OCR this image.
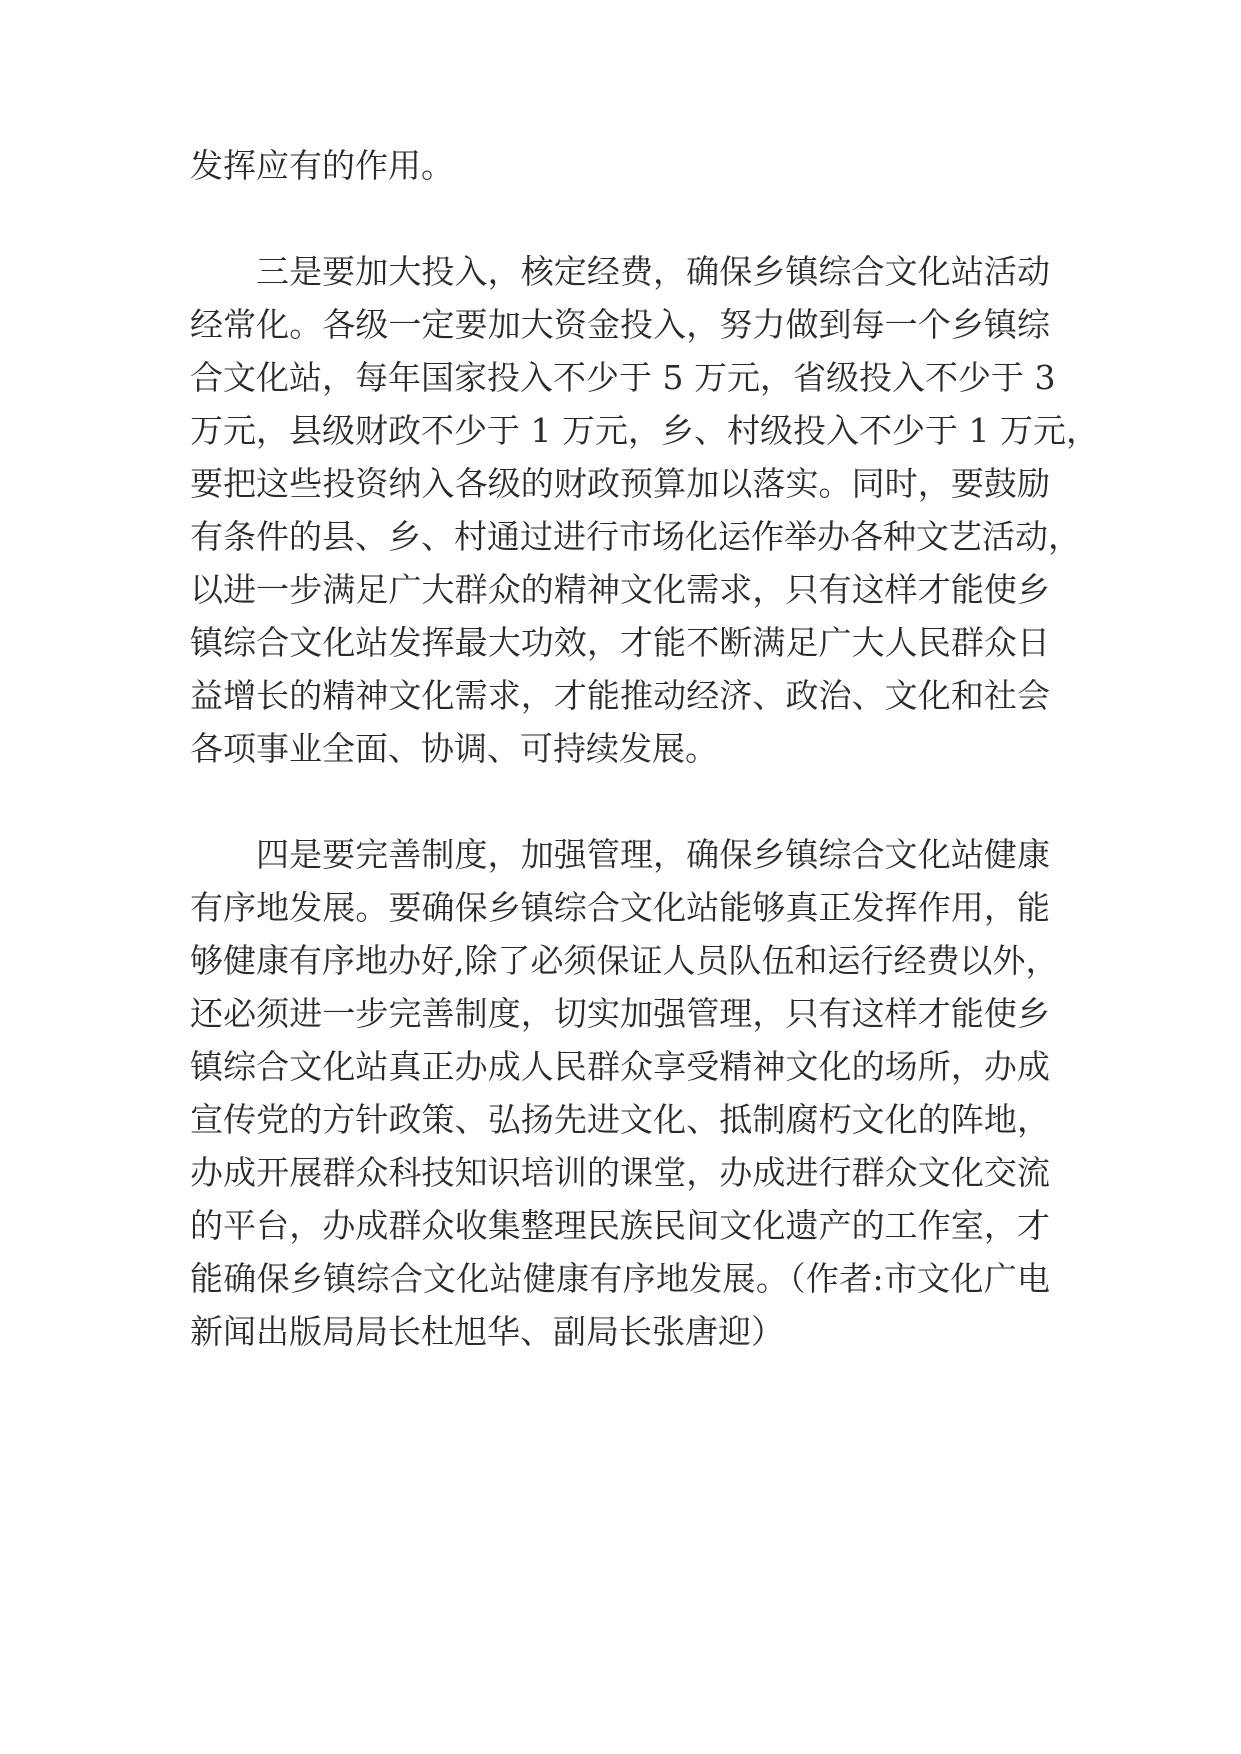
发挥应有的作用。
三是要加大投入，核定经费，确保乡镇综合文化站活动
经常化。各级一定要加大资金投入，努力做到每一个乡镇综
合文化站，每年国家投入不少于 5 万元，省级投入不少于 3
万元，县级财政不少于 1 万元，乡、村级投入不少于 1 万元，
要把这些投资纳入各级的财政预算加以落实。同时，要鼓励
有条件的县、乡、村通过进行市场化运作举办各种文艺活动，
以进一步满足广大群众的精神文化需求，只有这样才能使乡
镇综合文化站发挥最大功效，才能不断满足广大人民群众日
益增长的精神文化需求，才能推动经济、政治、文化和社会
各项事业全面、协调、可持续发展。
四是要完善制度，加强管理，确保乡镇综合文化站健康
有序地发展。要确保乡镇综合文化站能够真正发挥作用，能
够健康有序地办好,除了必须保证人员队伍和运行经费以外，
还必须进一步完善制度，切实加强管理，只有这样才能使乡
镇综合文化站真正办成人民群众享受精神文化的场所，办成
宣传党的方针政策、弘扬先进文化、抵制腐朽文化的阵地，
办成开展群众科技知识培训的课堂，办成进行群众文化交流
的平台，办成群众收集整理民族民间文化遗产的工作室，才
能确保乡镇综合文化站健康有序地发展。（作者:市文化广电
新闻出版局局长杜旭华、副局长张唐迎）
